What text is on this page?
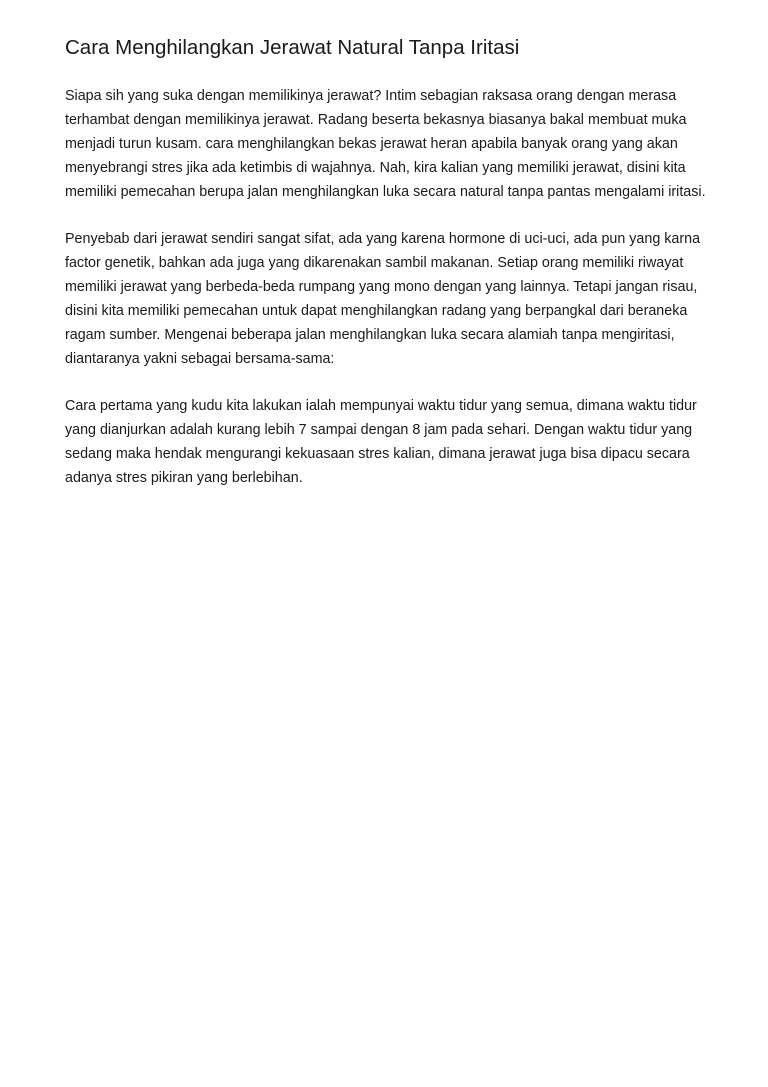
Cara Menghilangkan Jerawat Natural Tanpa Iritasi

Siapa sih yang suka dengan memilikinya jerawat? Intim sebagian raksasa orang dengan merasa terhambat dengan memilikinya jerawat. Radang beserta bekasnya biasanya bakal membuat muka menjadi turun kusam. cara menghilangkan bekas jerawat heran apabila banyak orang yang akan menyebrangi stres jika ada ketimbis di wajahnya. Nah, kira kalian yang memiliki jerawat, disini kita memiliki pemecahan berupa jalan menghilangkan luka secara natural tanpa pantas mengalami iritasi.

Penyebab dari jerawat sendiri sangat sifat, ada yang karena hormone di uci-uci, ada pun yang karna factor genetik, bahkan ada juga yang dikarenakan sambil makanan. Setiap orang memiliki riwayat memiliki jerawat yang berbeda-beda rumpang yang mono dengan yang lainnya. Tetapi jangan risau, disini kita memiliki pemecahan untuk dapat menghilangkan radang yang berpangkal dari beraneka ragam sumber. Mengenai beberapa jalan menghilangkan luka secara alamiah tanpa mengiritasi, diantaranya yakni sebagai bersama-sama:

Cara pertama yang kudu kita lakukan ialah mempunyai waktu tidur yang semua, dimana waktu tidur yang dianjurkan adalah kurang lebih 7 sampai dengan 8 jam pada sehari. Dengan waktu tidur yang sedang maka hendak mengurangi kekuasaan stres kalian, dimana jerawat juga bisa dipacu secara adanya stres pikiran yang berlebihan.
